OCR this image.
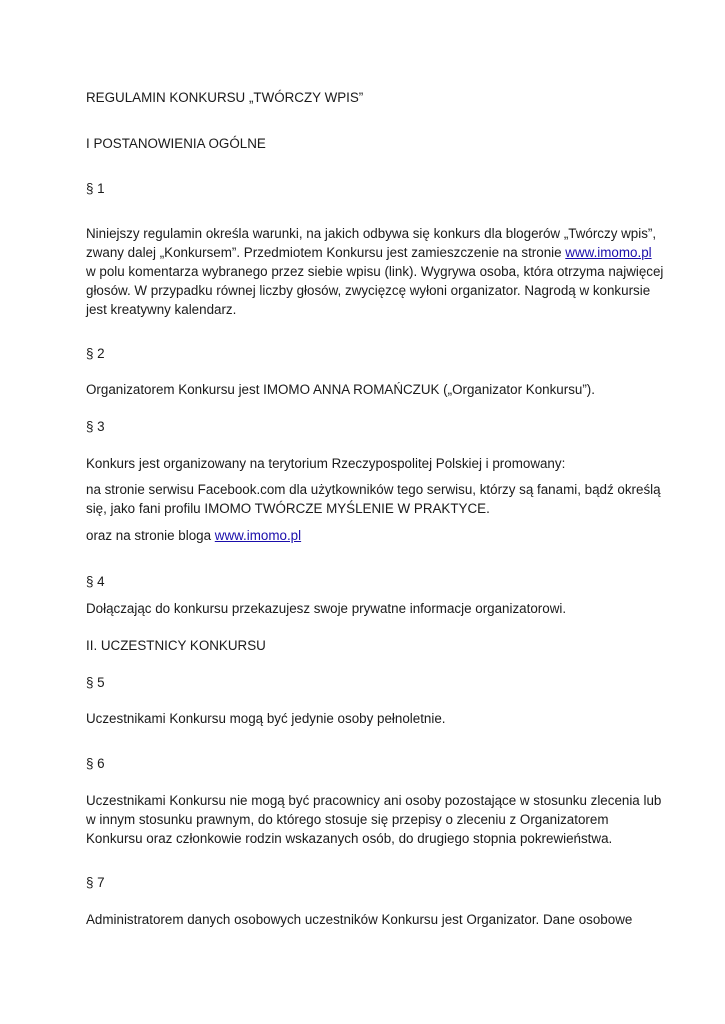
REGULAMIN KONKURSU „TWÓRCZY WPIS”
I POSTANOWIENIA OGÓLNE
§ 1
Niniejszy regulamin określa warunki, na jakich odbywa się konkurs dla blogerów „Twórczy wpis”,
zwany dalej „Konkursem”. Przedmiotem Konkursu jest zamieszczenie na stronie www.imomo.pl
w polu komentarza wybranego przez siebie wpisu (link). Wygrywa osoba, która otrzyma najwięcej
głosów. W przypadku równej liczby głosów, zwycięzcę wyłoni organizator. Nagrodą w konkursie
jest kreatywny kalendarz.
§ 2
Organizatorem Konkursu jest IMOMO ANNA ROMAŃCZUK („Organizator Konkursu”).
§ 3
Konkurs jest organizowany na terytorium Rzeczypospolitej Polskiej i promowany:
na stronie serwisu Facebook.com dla użytkowników tego serwisu, którzy są fanami, bądź określą
się, jako fani profilu IMOMO TWÓRCZE MYŚLENIE W PRAKTYCE.
oraz na stronie bloga www.imomo.pl
§ 4
Dołączając do konkursu przekazujesz swoje prywatne informacje organizatorowi.
II. UCZESTNICY KONKURSU
§ 5
Uczestnikami Konkursu mogą być jedynie osoby pełnoletnie.
§ 6
Uczestnikami Konkursu nie mogą być pracownicy ani osoby pozostające w stosunku zlecenia lub
w innym stosunku prawnym, do którego stosuje się przepisy o zleceniu z Organizatorem
Konkursu oraz członkowie rodzin wskazanych osób, do drugiego stopnia pokrewieństwa.
§ 7
Administratorem danych osobowych uczestników Konkursu jest Organizator. Dane osobowe
